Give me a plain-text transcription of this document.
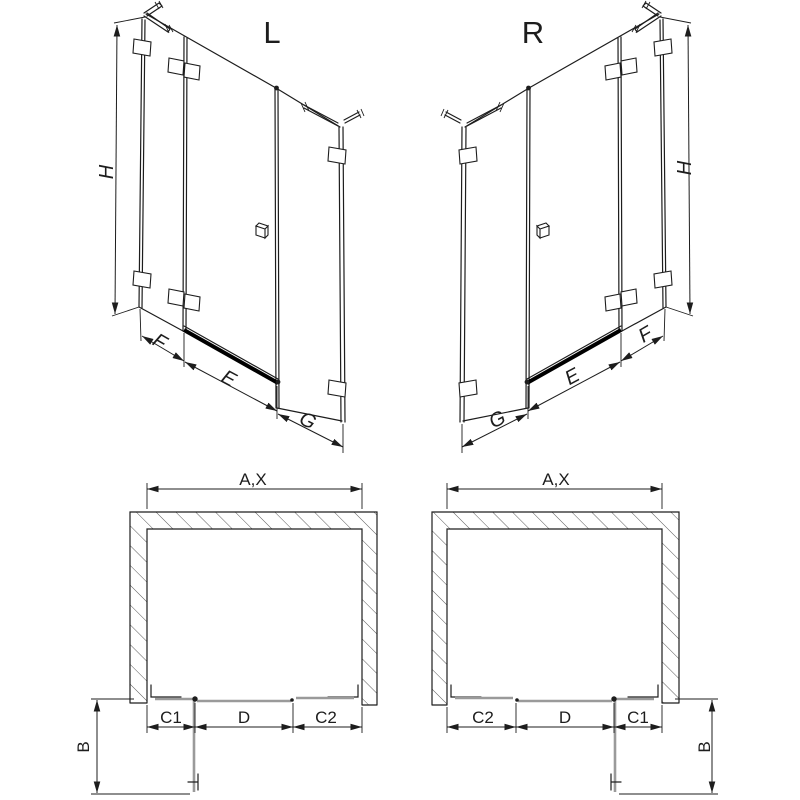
L
H
F
E
G
R
H
G
E
F
A,X
C1	D	C2
B
A,X
C2	D	C1
B
